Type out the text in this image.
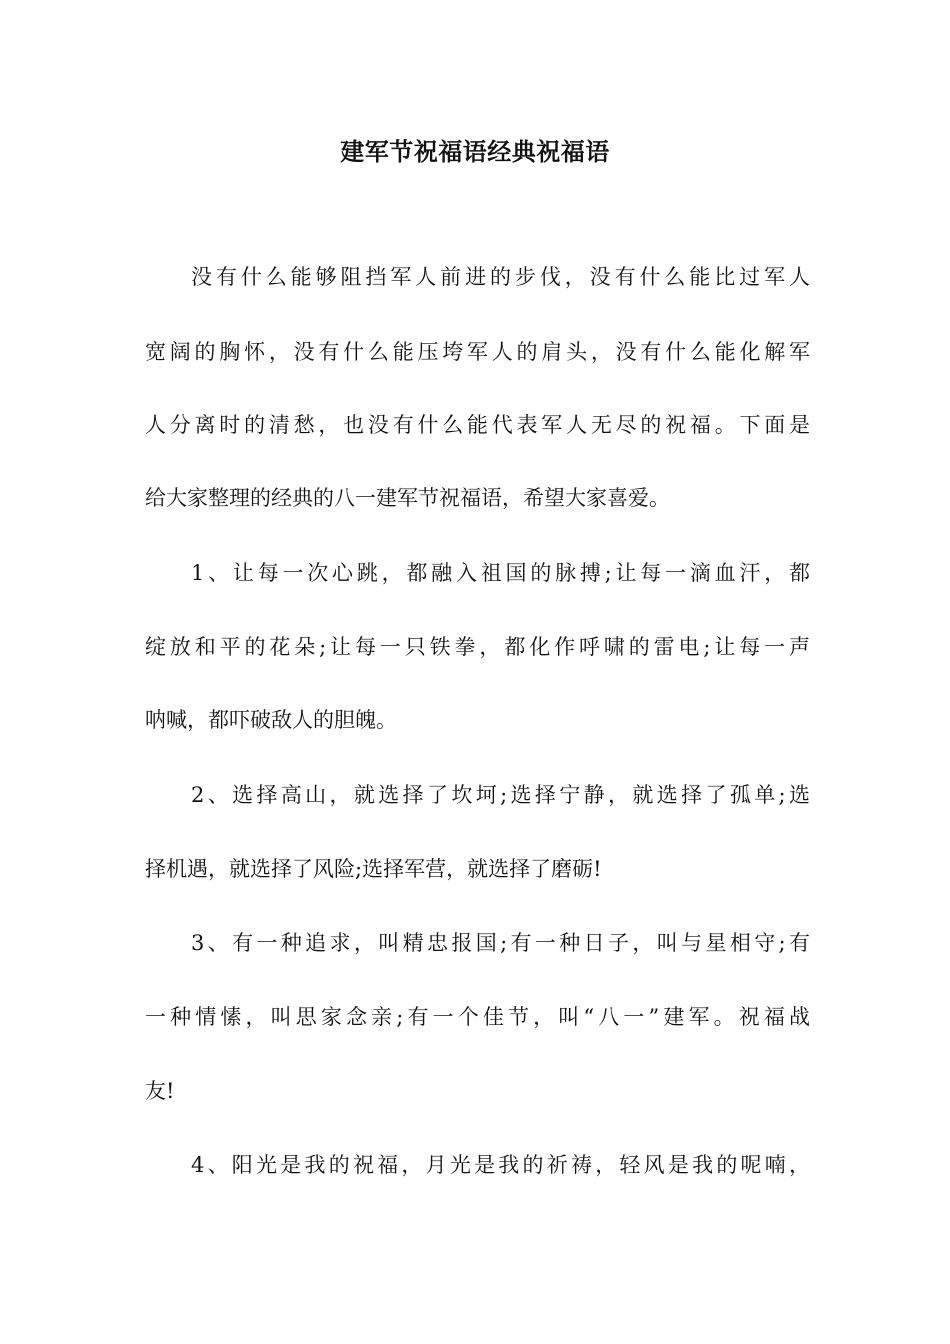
建军节祝福语经典祝福语
没有什么能够阻挡军人前进的步伐，没有什么能比过军人
宽阔的胸怀，没有什么能压垮军人的肩头，没有什么能化解军
人分离时的清愁，也没有什么能代表军人无尽的祝福。下面是
给大家整理的经典的八一建军节祝福语，希望大家喜爱。
1、让每一次心跳，都融入祖国的脉搏;让每一滴血汗，都
绽放和平的花朵;让每一只铁拳，都化作呼啸的雷电;让每一声
呐喊，都吓破敌人的胆魄。
2、选择高山，就选择了坎坷;选择宁静，就选择了孤单;选
择机遇，就选择了风险;选择军营，就选择了磨砺!
3、有一种追求，叫精忠报国;有一种日子，叫与星相守;有
一种情愫，叫思家念亲;有一个佳节，叫“八一”建军。祝福战
友!
4、阳光是我的祝福，月光是我的祈祷，轻风是我的呢喃，
